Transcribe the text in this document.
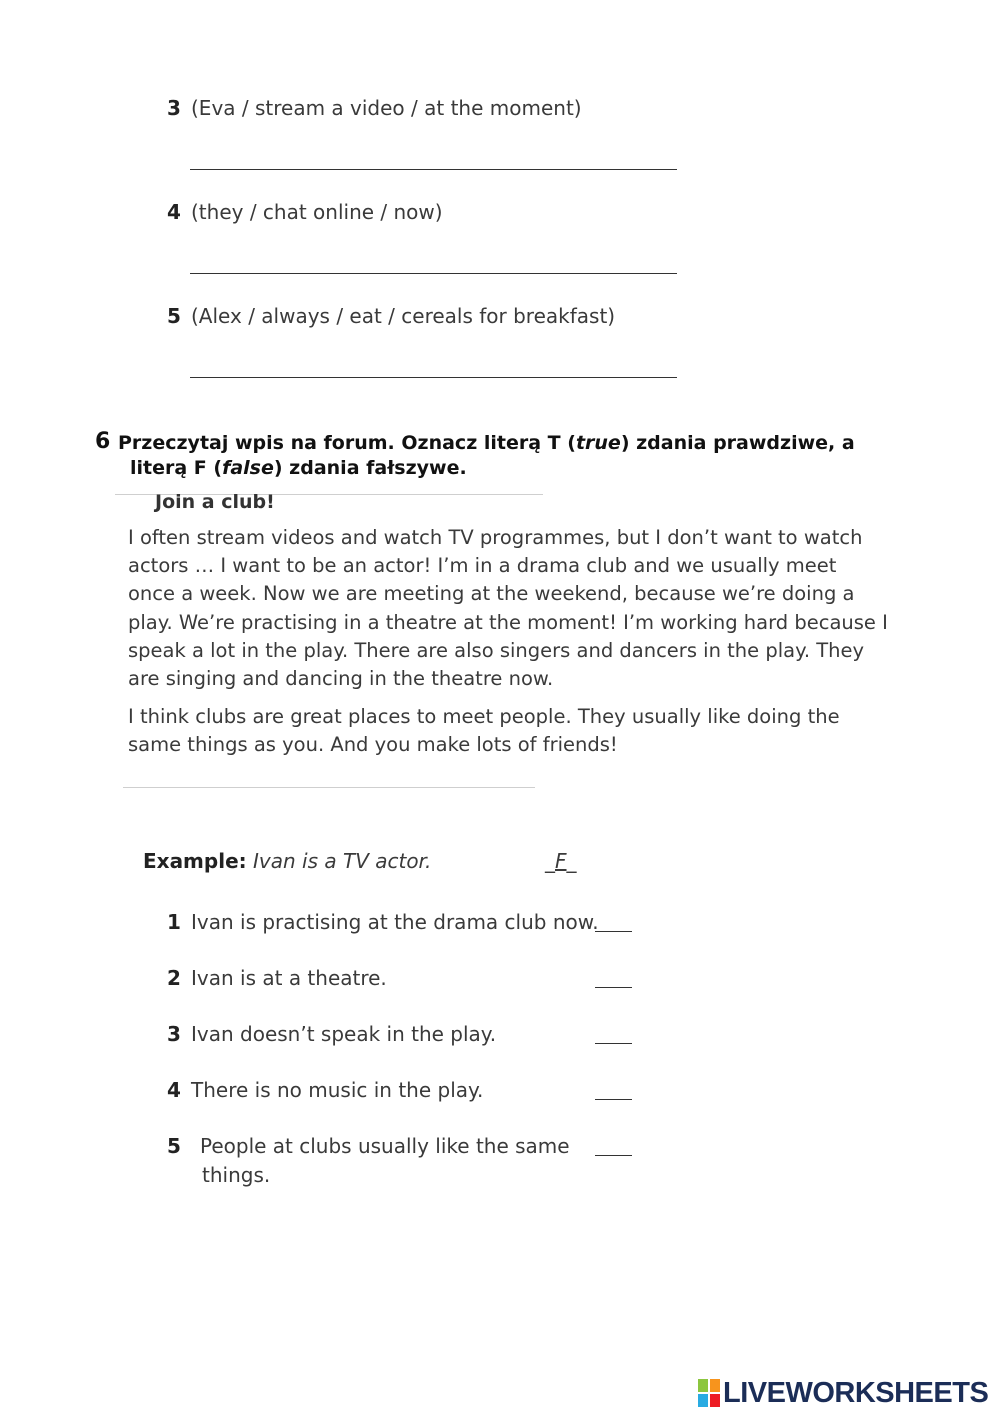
3 (Eva / stream a video / at the moment)
4 (they / chat online / now)
5 (Alex / always / eat / cereals for breakfast)
6 Przeczytaj wpis na forum. Oznacz literą T (true) zdania prawdziwe, a
literą F (false) zdania fałszywe.
Join a club!
I often stream videos and watch TV programmes, but I don’t want to watch actors … I want to be an actor! I’m in a drama club and we usually meet once a week. Now we are meeting at the weekend, because we’re doing a play. We’re practising in a theatre at the moment! I’m working hard because I speak a lot in the play. There are also singers and dancers in the play. They are singing and dancing in the theatre now.
I think clubs are great places to meet people. They usually like doing the same things as you. And you make lots of friends!
Example: Ivan is a TV actor.	_F_
1 Ivan is practising at the drama club now.
2 Ivan is at a theatre.
3 Ivan doesn’t speak in the play.
4 There is no music in the play.
5 People at clubs usually like the same
things.
LIVEWORKSHEETS
